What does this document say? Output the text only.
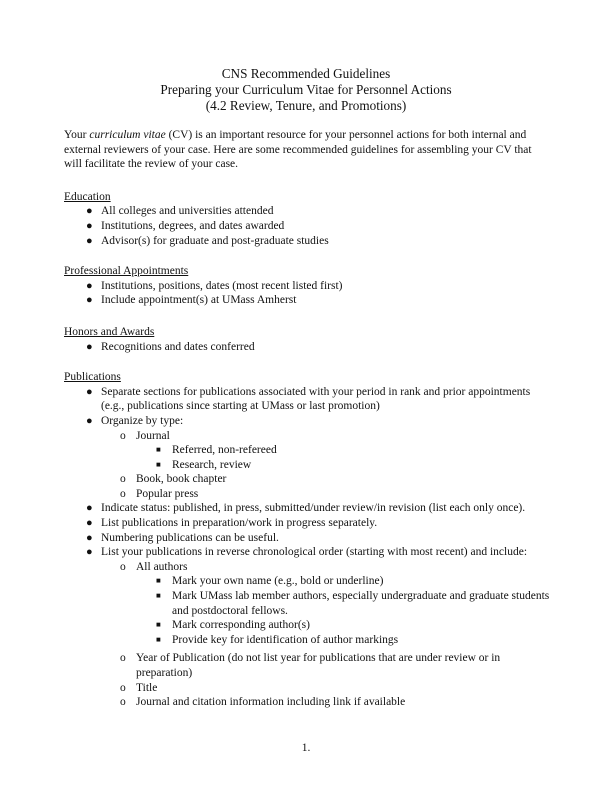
CNS Recommended Guidelines
Preparing your Curriculum Vitae for Personnel Actions
(4.2 Review, Tenure, and Promotions)

Your curriculum vitae (CV) is an important resource for your personnel actions for both internal and external reviewers of your case. Here are some recommended guidelines for assembling your CV that will facilitate the review of your case.

Education
● All colleges and universities attended
● Institutions, degrees, and dates awarded
● Advisor(s) for graduate and post-graduate studies
Professional Appointments
● Institutions, positions, dates (most recent listed first)
● Include appointment(s) at UMass Amherst
Honors and Awards
● Recognitions and dates conferred
Publications
● Separate sections for publications associated with your period in rank and prior appointments (e.g., publications since starting at UMass or last promotion)
● Organize by type:
o Journal
■ Referred, non-refereed
■ Research, review
o Book, book chapter
o Popular press
● Indicate status: published, in press, submitted/under review/in revision (list each only once).
● List publications in preparation/work in progress separately.
● Numbering publications can be useful.
● List your publications in reverse chronological order (starting with most recent) and include:
o All authors
■ Mark your own name (e.g., bold or underline)
■ Mark UMass lab member authors, especially undergraduate and graduate students and postdoctoral fellows.
■ Mark corresponding author(s)
■ Provide key for identification of author markings
o Year of Publication (do not list year for publications that are under review or in preparation)
o Title
o Journal and citation information including link if available
1.
